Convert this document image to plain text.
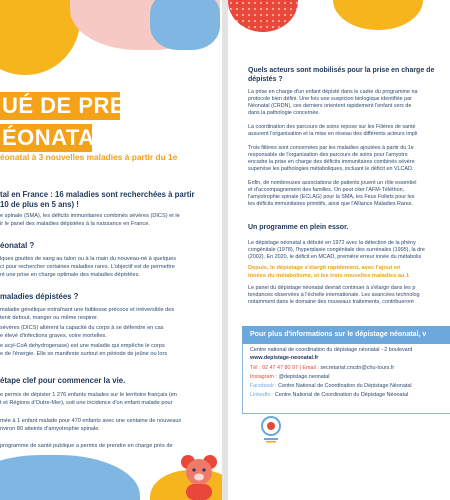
UÉ DE PRESSE
ÉONATAL
éonatal à 3 nouvelles maladies à partir du 1e
tal en France : 16 maladies sont recherchées à partir
10 de plus en 5 ans) !
e spinale (SMA), les déficits immunitaires combinés sévères (DICS) et le
ir le panel des maladies dépistées à la naissance en France.
éonatal ?
lques gouttes de sang au talon ou à la main du nouveau-né à quelques
ci pour rechercher certaines maladies rares. L'objectif est de permettre
nt une prise en charge optimale des maladies dépistées.
maladies dépistées ?
maladie génétique entraînant une faiblesse précoce et irréversible des
tenir debout, manger ou même respirer.
sévères (DICS) altèrent la capacité du corps à se défendre en cas
e élevé d'infections graves, voire mortelles.
e acyl-CoA dehydrogenase) est une maladie qui empêche le corps
e de l'énergie. Elle se manifeste surtout en période de jeûne ou lors
étape clef pour commencer la vie.
e permis de dépister 1 276 enfants malades sur le territoire français (en
t et Régions d'Outre-Mer), soit une incidence d'un enfant malade pour
mée à 1 enfant malade pour 470 enfants avec une centaine de nouveaux
nviron 80 atteints d'amyotrophie spinale.
programme de santé publique a permis de prendre en charge près de
Quels acteurs sont mobilisés pour la prise en charge de
dépistés ?
La prise en charge d'un enfant dépisté dans le cadre du programme na
protocole bien défini. Une fois une suspicion biologique identifiée par
Néonatal (CRDN), ces derniers orientent rapidement l'enfant vers de
dans la pathologie concernée.
La coordination des parcours de soins repose sur les Filières de santé
assurent l'organisation et la mise en réseau des différents acteurs impli
Trois filières sont concernées par les maladies ajoutées à partir du 1e
responsable de l'organisation des parcours de soins pour l'amyotro
encadre la prise en charge des déficits immunitaires combinés sévère
supervise les pathologies métaboliques, incluant le déficit en VLCAD.
Enfin, de nombreuses associations de patients jouent un rôle essentiel
et d'accompagnement des familles. On peut citer l'AFM-Téléthon,
l'amyotrophie spinale (ECLAG) pour la SMA, les Feux Follets pour les
les déficits immunitaires primitifs, ainsi que l'Alliance Maladies Rares.
Un programme en plein essor.
Le dépistage néonatal a débuté en 1972 avec la détection de la phény
congénitale (1978), l'hyperplasie congénitale des surrénales (1995), la dre
(2002). En 2020, le déficit en MCAD, première erreur innée du métabolis
Depuis, le dépistage s'élargit rapidement, avec l'ajout en
innées du métabolisme, et les trois nouvelles maladies au 1
Le panel du dépistage néonatal devrait continuer à s'élargir dans les p
tendances observées à l'échelle internationale. Les avancées technolog
notamment dans le domaine des nouveaux traitements, contribueront
Pour plus d'informations sur le dépistage néonatal, v
Centre national de coordination du dépistage néonatal - 2 boulevard
www.depistage-neonatal.fr
Tél : 02 47 47 80 97 | Email : secretariat.cncdn@chu-tours.fr
Instagram : @depistage.neonatal
Facebook : Centre National de Coordination du Dépistage Néonatal
LinkedIn : Centre National de Coordination du Dépistage Néonatal
